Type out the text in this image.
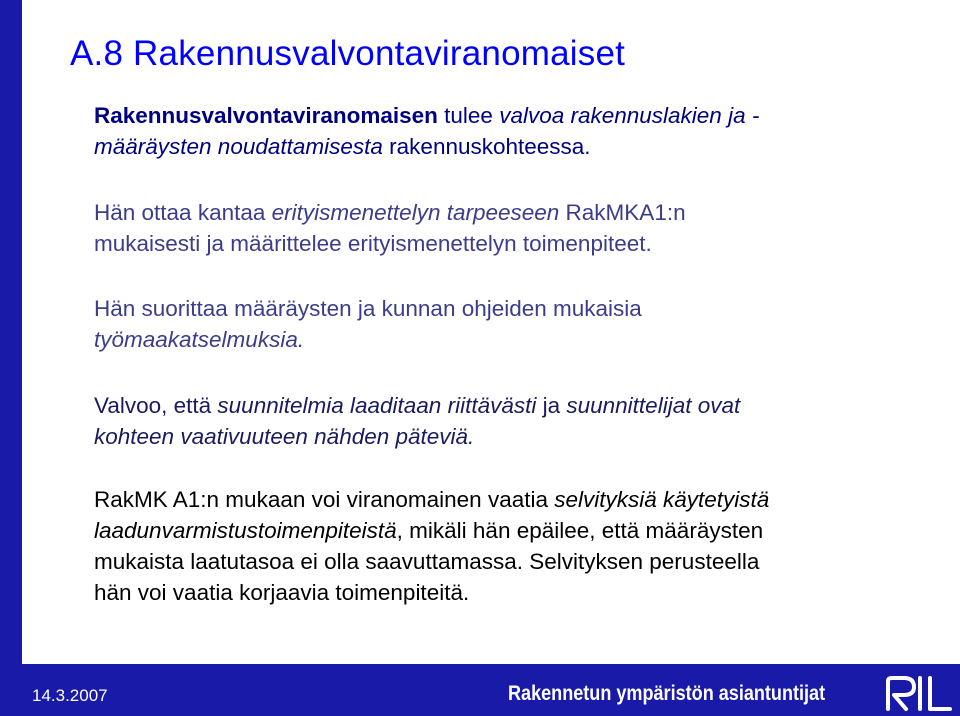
A.8 Rakennusvalvontaviranomaiset

Rakennusvalvontaviranomaisen tulee valvoa rakennuslakien ja -
määräysten noudattamisesta rakennuskohteessa.

Hän ottaa kantaa erityismenettelyn tarpeeseen RakMKA1:n
mukaisesti ja määrittelee erityismenettelyn toimenpiteet.

Hän suorittaa määräysten ja kunnan ohjeiden mukaisia
työmaakatselmuksia.

Valvoo, että suunnitelmia laaditaan riittävästi ja suunnittelijat ovat
kohteen vaativuuteen nähden päteviä.

RakMK A1:n mukaan voi viranomainen vaatia selvityksiä käytetyistä
laadunvarmistustoimenpiteistä, mikäli hän epäilee, että määräysten
mukaista laatutasoa ei olla saavuttamassa. Selvityksen perusteella
hän voi vaatia korjaavia toimenpiteitä.

14.3.2007	Rakennetun ympäristön asiantuntijat
